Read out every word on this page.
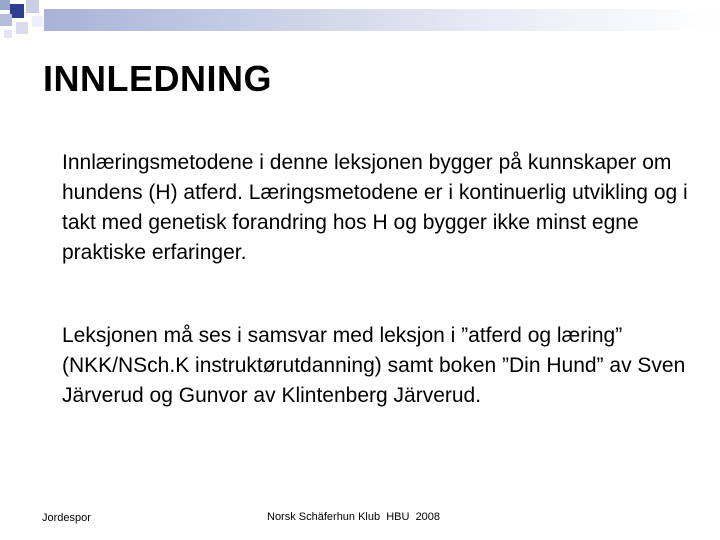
INNLEDNING

Innlæringsmetodene i denne leksjonen bygger på kunnskaper om hundens (H) atferd. Læringsmetodene er i kontinuerlig utvikling og i takt med genetisk forandring hos H og bygger ikke minst egne praktiske erfaringer.

Leksjonen må ses i samsvar med leksjon i ”atferd og læring” (NKK/NSch.K instruktørutdanning) samt boken ”Din Hund” av Sven Järverud og Gunvor av Klintenberg Järverud.

Jordespor	Norsk Schäferhun Klub  HBU  2008
